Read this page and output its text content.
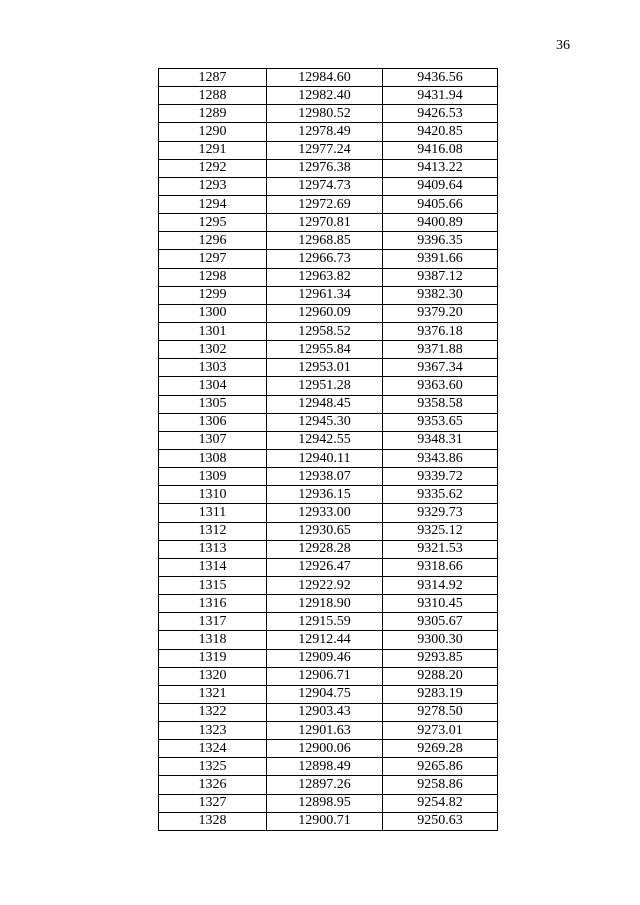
36
1287	12984.60	9436.56
1288	12982.40	9431.94
1289	12980.52	9426.53
1290	12978.49	9420.85
1291	12977.24	9416.08
1292	12976.38	9413.22
1293	12974.73	9409.64
1294	12972.69	9405.66
1295	12970.81	9400.89
1296	12968.85	9396.35
1297	12966.73	9391.66
1298	12963.82	9387.12
1299	12961.34	9382.30
1300	12960.09	9379.20
1301	12958.52	9376.18
1302	12955.84	9371.88
1303	12953.01	9367.34
1304	12951.28	9363.60
1305	12948.45	9358.58
1306	12945.30	9353.65
1307	12942.55	9348.31
1308	12940.11	9343.86
1309	12938.07	9339.72
1310	12936.15	9335.62
1311	12933.00	9329.73
1312	12930.65	9325.12
1313	12928.28	9321.53
1314	12926.47	9318.66
1315	12922.92	9314.92
1316	12918.90	9310.45
1317	12915.59	9305.67
1318	12912.44	9300.30
1319	12909.46	9293.85
1320	12906.71	9288.20
1321	12904.75	9283.19
1322	12903.43	9278.50
1323	12901.63	9273.01
1324	12900.06	9269.28
1325	12898.49	9265.86
1326	12897.26	9258.86
1327	12898.95	9254.82
1328	12900.71	9250.63
